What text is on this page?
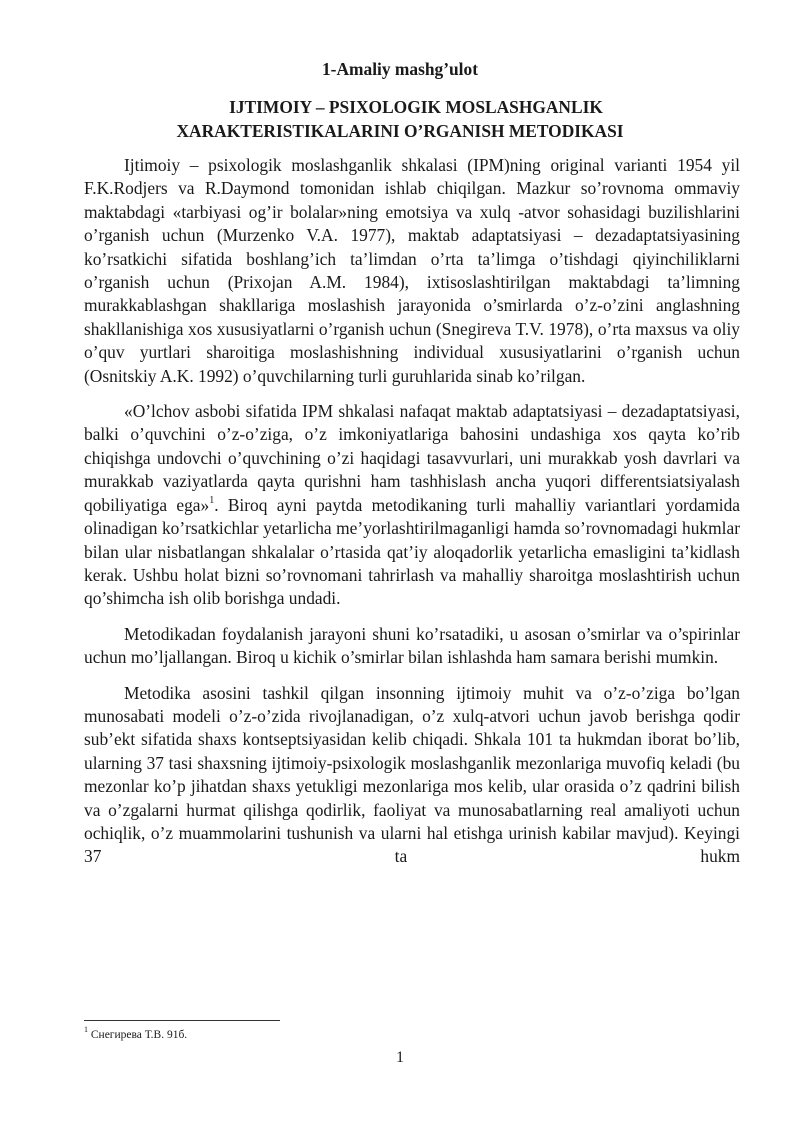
1-Amaliy mashg’ulot
IJTIMOIY – PSIXOLOGIK MOSLASHGANLIK
XARAKTERISTIKALARINI O’RGANISH METODIKASI

Ijtimoiy – psixologik moslashganlik shkalasi (IPM)ning original varianti 1954 yil F.K.Rodjers va R.Daymond tomonidan ishlab chiqilgan. Mazkur so’rovnoma ommaviy maktabdagi «tarbiyasi og’ir bolalar»ning emotsiya va xulq -atvor sohasidagi buzilishlarini o’rganish uchun (Murzenko V.A. 1977), maktab adaptatsiyasi – dezadaptatsiyasining ko’rsatkichi sifatida boshlang’ich ta’limdan o’rta ta’limga o’tishdagi qiyinchiliklarni o’rganish uchun (Prixojan A.M. 1984), ixtisoslashtirilgan maktabdagi ta’limning murakkablashgan shakllariga moslashish jarayonida o’smirlarda o’z-o’zini anglashning shakllanishiga xos xususiyatlarni o’rganish uchun (Snegireva T.V. 1978), o’rta maxsus va oliy o’quv yurtlari sharoitiga moslashishning individual xususiyatlarini o’rganish uchun (Osnitskiy A.K. 1992) o’quvchilarning turli guruhlarida sinab ko’rilgan.

«O’lchov asbobi sifatida IPM shkalasi nafaqat maktab adaptatsiyasi – dezadaptatsiyasi, balki o’quvchini o’z-o’ziga, o’z imkoniyatlariga bahosini undashiga xos qayta ko’rib chiqishga undovchi o’quvchining o’zi haqidagi tasavvurlari, uni murakkab yosh davrlari va murakkab vaziyatlarda qayta qurishni ham tashhislash ancha yuqori differentsiatsiyalash qobiliyatiga ega»$^1$. Biroq ayni paytda metodikaning turli mahalliy variantlari yordamida olinadigan ko’rsatkichlar yetarlicha me’yorlashtirilmaganligi hamda so’rovnomadagi hukmlar bilan ular nisbatlangan shkalalar o’rtasida qat’iy aloqadorlik yetarlicha emasligini ta’kidlash kerak. Ushbu holat bizni so’rovnomani tahrirlash va mahalliy sharoitga moslashtirish uchun qo’shimcha ish olib borishga undadi.

Metodikadan foydalanish jarayoni shuni ko’rsatadiki, u asosan o’smirlar va o’spirinlar uchun mo’ljallangan. Biroq u kichik o’smirlar bilan ishlashda ham samara berishi mumkin.

Metodika asosini tashkil qilgan insonning ijtimoiy muhit va o’z-o’ziga bo’lgan munosabati modeli o’z-o’zida rivojlanadigan, o’z xulq-atvori uchun javob berishga qodir sub’ekt sifatida shaxs kontseptsiyasidan kelib chiqadi. Shkala 101 ta hukmdan iborat bo’lib, ularning 37 tasi shaxsning ijtimoiy-psixologik moslashganlik mezonlariga muvofiq keladi (bu mezonlar ko’p jihatdan shaxs yetukligi mezonlariga mos kelib, ular orasida o’z qadrini bilish va o’zgalarni hurmat qilishga qodirlik, faoliyat va munosabatlarning real amaliyoti uchun ochiqlik, o’z muammolarini tushunish va ularni hal etishga urinish kabilar mavjud). Keyingi 37 ta hukm

$^1$ Снегирева Т.В. 91б.
1
